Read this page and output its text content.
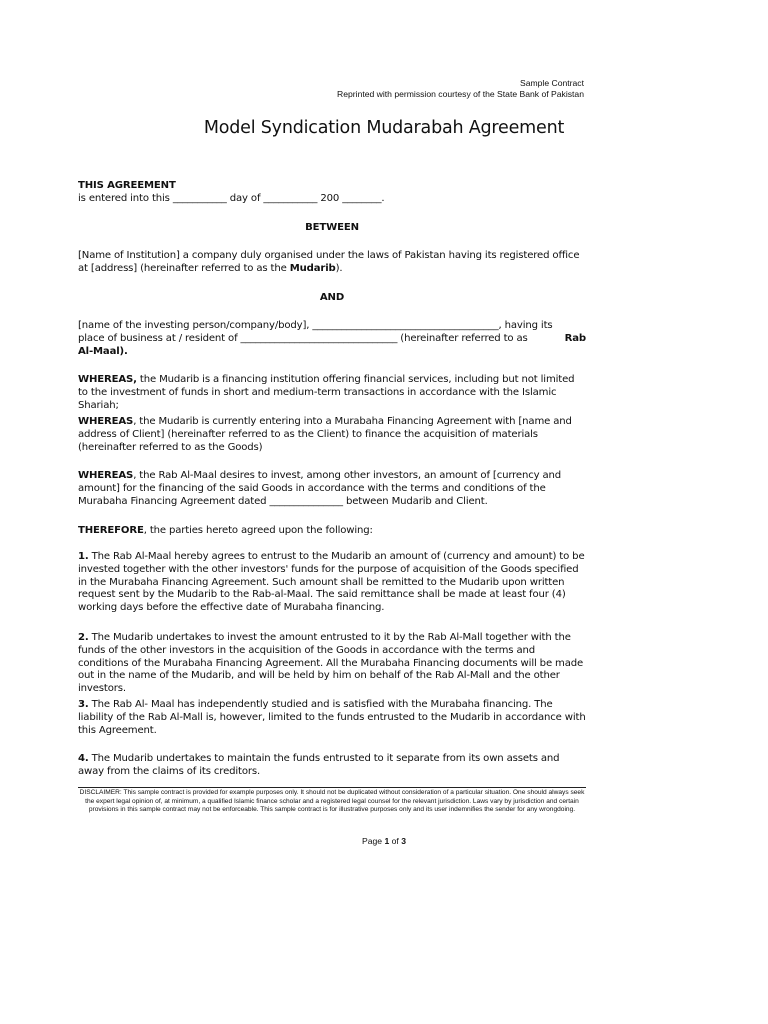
Sample Contract
Reprinted with permission courtesy of the State Bank of Pakistan
Model Syndication Mudarabah Agreement
THIS AGREEMENT
is entered into this ___________ day of ___________ 200 ________.
BETWEEN
[Name of Institution] a company duly organised under the laws of Pakistan having its registered office at [address] (hereinafter referred to as the Mudarib).
AND
[name of the investing person/company/body], ______________________________________, having its
place of business at / resident of ________________________________ (hereinafter referred to as	Rab
Al-Maal).
WHEREAS, the Mudarib is a financing institution offering financial services, including but not limited to the investment of funds in short and medium-term transactions in accordance with the Islamic Shariah;
WHEREAS, the Mudarib is currently entering into a Murabaha Financing Agreement with [name and address of Client] (hereinafter referred to as the Client) to finance the acquisition of materials (hereinafter referred to as the Goods)
WHEREAS, the Rab Al-Maal desires to invest, among other investors, an amount of [currency and amount] for the financing of the said Goods in accordance with the terms and conditions of the Murabaha Financing Agreement dated _______________ between Mudarib and Client.
THEREFORE, the parties hereto agreed upon the following:
1. The Rab Al-Maal hereby agrees to entrust to the Mudarib an amount of (currency and amount) to be invested together with the other investors' funds for the purpose of acquisition of the Goods specified in the Murabaha Financing Agreement. Such amount shall be remitted to the Mudarib upon written request sent by the Mudarib to the Rab-al-Maal. The said remittance shall be made at least four (4) working days before the effective date of Murabaha financing.
2. The Mudarib undertakes to invest the amount entrusted to it by the Rab Al-Mall together with the funds of the other investors in the acquisition of the Goods in accordance with the terms and conditions of the Murabaha Financing Agreement. All the Murabaha Financing documents will be made out in the name of the Mudarib, and will be held by him on behalf of the Rab Al-Mall and the other investors.
3. The Rab Al- Maal has independently studied and is satisfied with the Murabaha financing. The liability of the Rab Al-Mall is, however, limited to the funds entrusted to the Mudarib in accordance with this Agreement.
4. The Mudarib undertakes to maintain the funds entrusted to it separate from its own assets and away from the claims of its creditors.
DISCLAIMER: This sample contract is provided for example purposes only. It should not be duplicated without consideration of a particular situation. One should always seek the expert legal opinion of, at minimum, a qualified Islamic finance scholar and a registered legal counsel for the relevant jurisdiction. Laws vary by jurisdiction and certain provisions in this sample contract may not be enforceable. This sample contract is for illustrative purposes only and its user indemnifies the sender for any wrongdoing.
Page 1 of 3
